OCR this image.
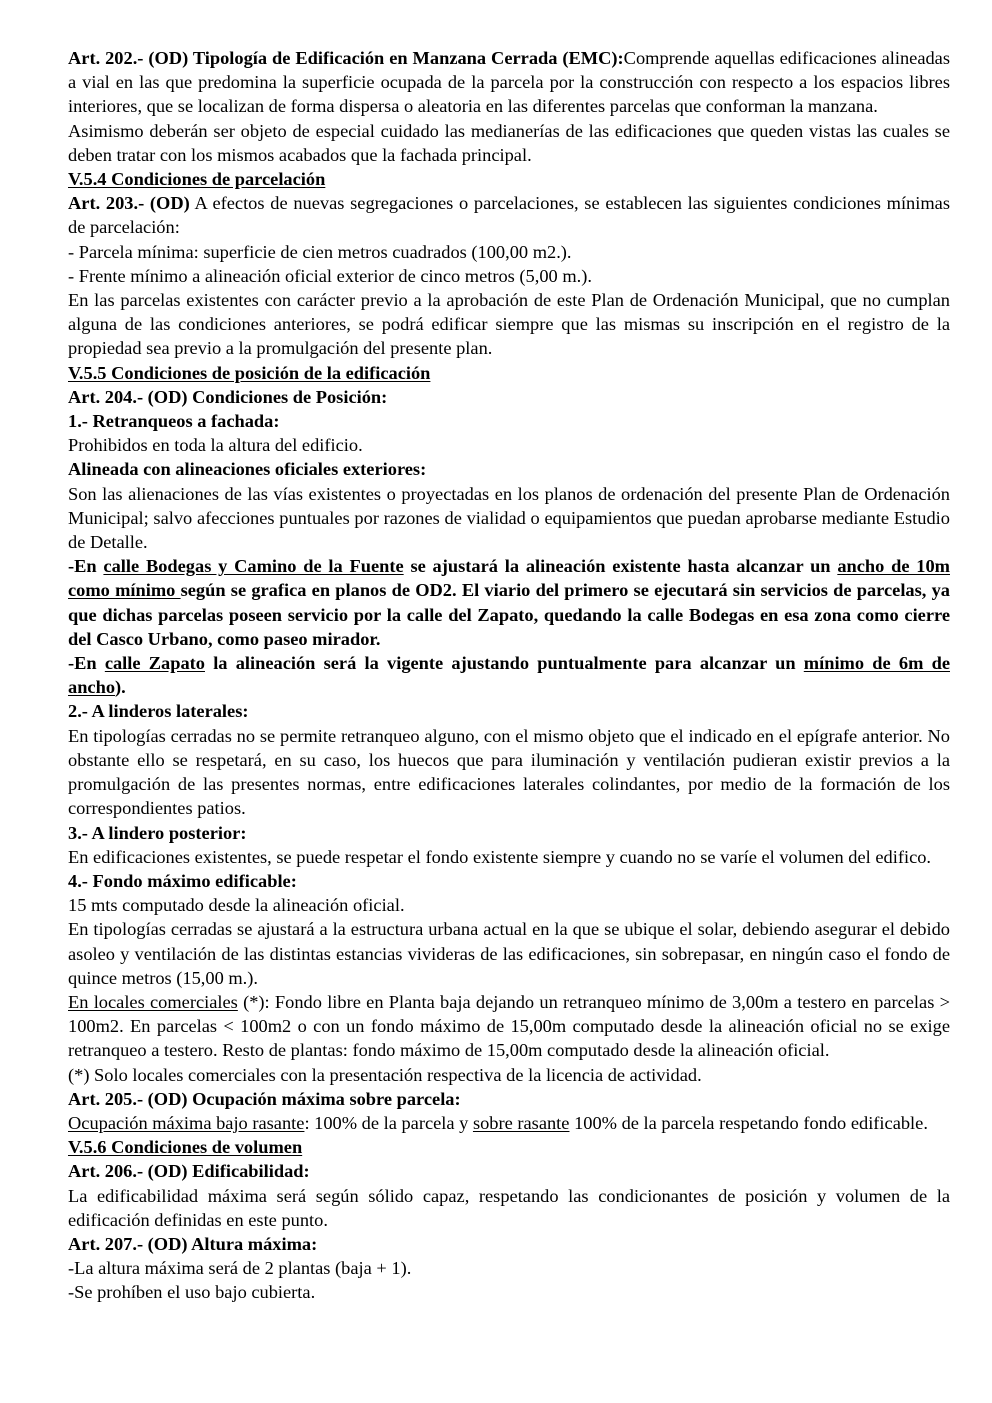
Art. 202.- (OD) Tipología de Edificación en Manzana Cerrada (EMC):Comprende aquellas edificaciones alineadas a vial en las que predomina la superficie ocupada de la parcela por la construcción con respecto a los espacios libres interiores, que se localizan de forma dispersa o aleatoria en las diferentes parcelas que conforman la manzana.

Asimismo deberán ser objeto de especial cuidado las medianerías de las edificaciones que queden vistas las cuales se deben tratar con los mismos acabados que la fachada principal.

V.5.4 Condiciones de parcelación

Art. 203.- (OD) A efectos de nuevas segregaciones o parcelaciones, se establecen las siguientes condiciones mínimas de parcelación:

- Parcela mínima: superficie de cien metros cuadrados (100,00 m2.).

- Frente mínimo a alineación oficial exterior de cinco metros (5,00 m.).

En las parcelas existentes con carácter previo a la aprobación de este Plan de Ordenación Municipal, que no cumplan alguna de las condiciones anteriores, se podrá edificar siempre que las mismas su inscripción en el registro de la propiedad sea previo a la promulgación del presente plan.

V.5.5 Condiciones de posición de la edificación

Art. 204.- (OD) Condiciones de Posición:

1.- Retranqueos a fachada:

Prohibidos en toda la altura del edificio.

Alineada con alineaciones oficiales exteriores:

Son las alienaciones de las vías existentes o proyectadas en los planos de ordenación del presente Plan de Ordenación Municipal; salvo afecciones puntuales por razones de vialidad o equipamientos que puedan aprobarse mediante Estudio de Detalle.

-En calle Bodegas y Camino de la Fuente se ajustará la alineación existente hasta alcanzar un ancho de 10m como mínimo según se grafica en planos de OD2. El viario del primero se ejecutará sin servicios de parcelas, ya que dichas parcelas poseen servicio por la calle del Zapato, quedando la calle Bodegas en esa zona como cierre del Casco Urbano, como paseo mirador.

-En calle Zapato la alineación será la vigente ajustando puntualmente para alcanzar un mínimo de 6m de ancho).

2.- A linderos laterales:

En tipologías cerradas no se permite retranqueo alguno, con el mismo objeto que el indicado en el epígrafe anterior. No obstante ello se respetará, en su caso, los huecos que para iluminación y ventilación pudieran existir previos a la promulgación de las presentes normas, entre edificaciones laterales colindantes, por medio de la formación de los correspondientes patios.

3.- A lindero posterior:

En edificaciones existentes, se puede respetar el fondo existente siempre y cuando no se varíe el volumen del edifico.

4.- Fondo máximo edificable:

15 mts computado desde la alineación oficial.

En tipologías cerradas se ajustará a la estructura urbana actual en la que se ubique el solar, debiendo asegurar el debido asoleo y ventilación de las distintas estancias vivideras de las edificaciones, sin sobrepasar, en ningún caso el fondo de quince metros (15,00 m.).

En locales comerciales (*): Fondo libre en Planta baja dejando un retranqueo mínimo de 3,00m a testero en parcelas > 100m2. En parcelas < 100m2 o con un fondo máximo de 15,00m computado desde la alineación oficial no se exige retranqueo a testero. Resto de plantas: fondo máximo de 15,00m computado desde la alineación oficial.

(*) Solo locales comerciales con la presentación respectiva de la licencia de actividad.

Art. 205.- (OD) Ocupación máxima sobre parcela:

Ocupación máxima bajo rasante: 100% de la parcela y sobre rasante 100% de la parcela respetando fondo edificable.

V.5.6 Condiciones de volumen

Art. 206.- (OD) Edificabilidad:

La edificabilidad máxima será según sólido capaz, respetando las condicionantes de posición y volumen de la edificación definidas en este punto.

Art. 207.- (OD) Altura máxima:

-La altura máxima será de 2 plantas (baja + 1).

-Se prohíben el uso bajo cubierta.
